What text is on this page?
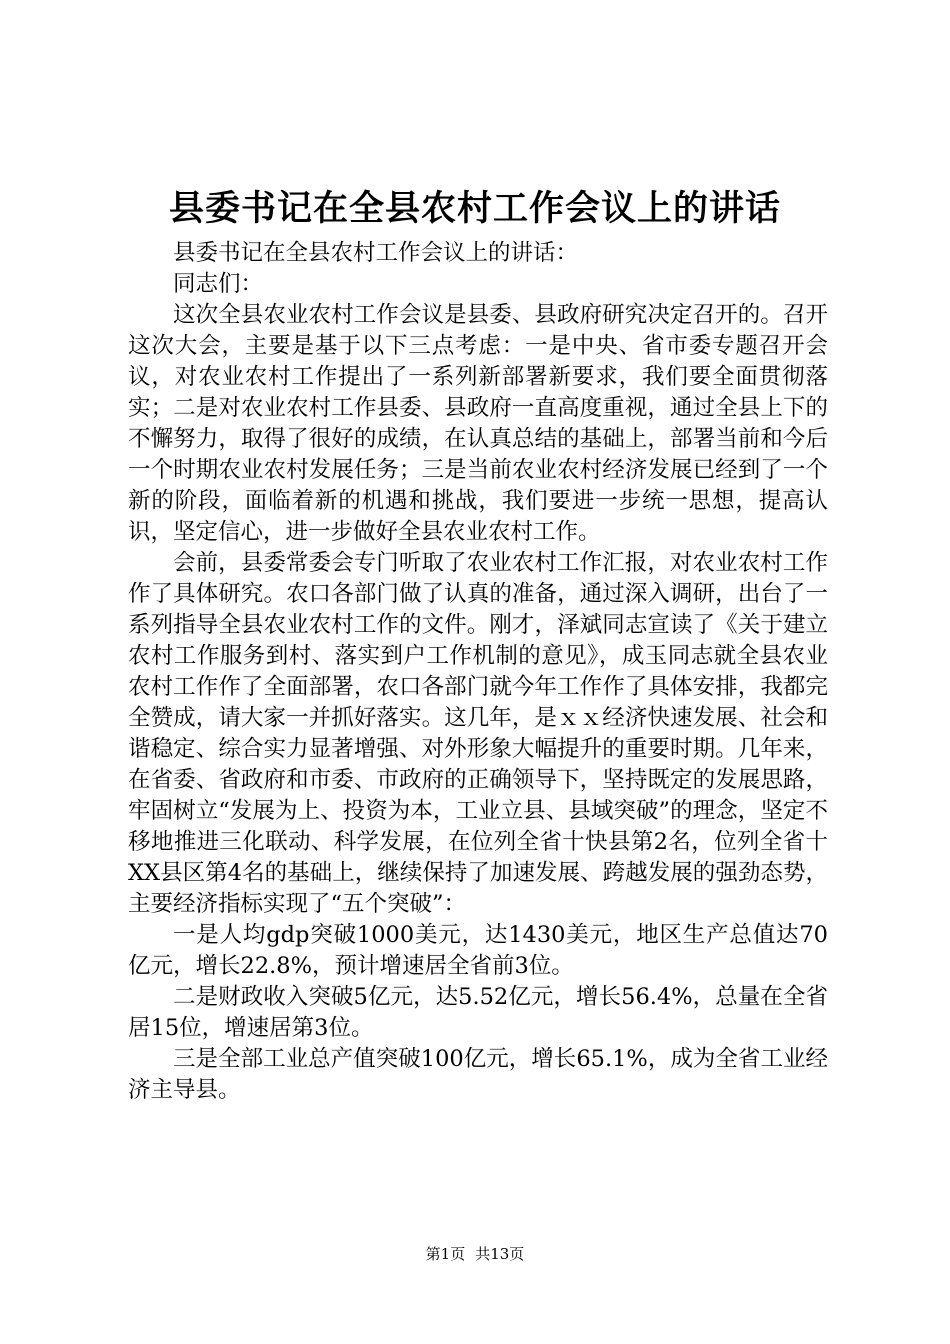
县委书记在全县农村工作会议上的讲话

县委书记在全县农村工作会议上的讲话：

同志们：

这次全县农业农村工作会议是县委、县政府研究决定召开的。召开这次大会，主要是基于以下三点考虑：一是中央、省市委专题召开会议，对农业农村工作提出了一系列新部署新要求，我们要全面贯彻落实；二是对农业农村工作县委、县政府一直高度重视，通过全县上下的不懈努力，取得了很好的成绩，在认真总结的基础上，部署当前和今后一个时期农业农村发展任务；三是当前农业农村经济发展已经到了一个新的阶段，面临着新的机遇和挑战，我们要进一步统一思想，提高认识，坚定信心，进一步做好全县农业农村工作。

会前，县委常委会专门听取了农业农村工作汇报，对农业农村工作作了具体研究。农口各部门做了认真的准备，通过深入调研，出台了一系列指导全县农业农村工作的文件。刚才，泽斌同志宣读了《关于建立农村工作服务到村、落实到户工作机制的意见》，成玉同志就全县农业农村工作作了全面部署，农口各部门就今年工作作了具体安排，我都完全赞成，请大家一并抓好落实。这几年，是ｘｘ经济快速发展、社会和谐稳定、综合实力显著增强、对外形象大幅提升的重要时期。几年来，在省委、省政府和市委、市政府的正确领导下，坚持既定的发展思路，牢固树立“发展为上、投资为本，工业立县、县域突破”的理念，坚定不移地推进三化联动、科学发展，在位列全省十快县第2名，位列全省十XX县区第4名的基础上，继续保持了加速发展、跨越发展的强劲态势，主要经济指标实现了“五个突破”：

一是人均gdp突破1000美元，达1430美元，地区生产总值达70亿元，增长22.8%，预计增速居全省前3位。

二是财政收入突破5亿元，达5.52亿元，增长56.4%，总量在全省居15位，增速居第3位。

三是全部工业总产值突破100亿元，增长65.1%，成为全省工业经济主导县。

第1页 共13页
